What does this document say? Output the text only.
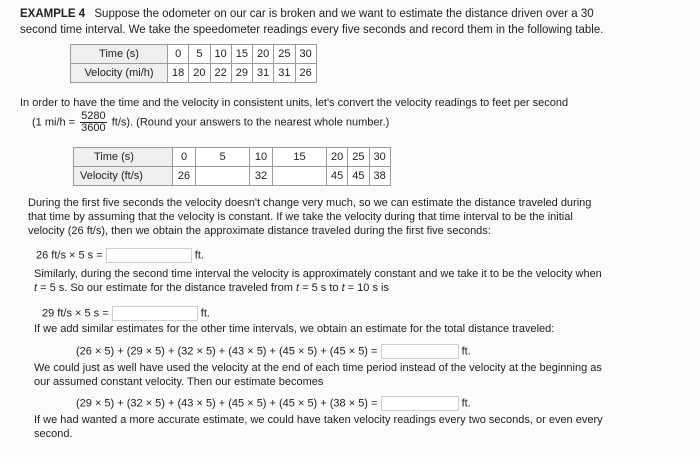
EXAMPLE 4 Suppose the odometer on our car is broken and we want to estimate the distance driven over a 30
second time interval. We take the speedometer readings every five seconds and record them in the following table.
Time (s)	0	5	10	15	20	25	30
Velocity (mi/h)	18	20	22	29	31	31	26
In order to have the time and the velocity in consistent units, let's convert the velocity readings to feet per second
(1 $mi/h = \frac{5280}{3600} ft/s$). (Round your answers to the nearest whole number.)
Time (s)	0	5	10	15	20	25	30
Velocity (ft/s)	26		32		45	45	38
During the first five seconds the velocity doesn't change very much, so we can estimate the distance traveled during
that time by assuming that the velocity is constant. If we take the velocity during that time interval to be the initial
velocity (26 ft/s), then we obtain the approximate distance traveled during the first five seconds:
26 ft/s × 5 s =	ft.
Similarly, during the second time interval the velocity is approximately constant and we take it to be the velocity when
t = 5 s. So our estimate for the distance traveled from t = 5 s to t = 10 s is
29 ft/s × 5 s =	ft.
If we add similar estimates for the other time intervals, we obtain an estimate for the total distance traveled:
(26 × 5) + (29 × 5) + (32 × 5) + (43 × 5) + (45 × 5) + (45 × 5) =	ft.
We could just as well have used the velocity at the end of each time period instead of the velocity at the beginning as
our assumed constant velocity. Then our estimate becomes
(29 × 5) + (32 × 5) + (43 × 5) + (45 × 5) + (45 × 5) + (38 × 5) =	ft.
If we had wanted a more accurate estimate, we could have taken velocity readings every two seconds, or even every
second.
